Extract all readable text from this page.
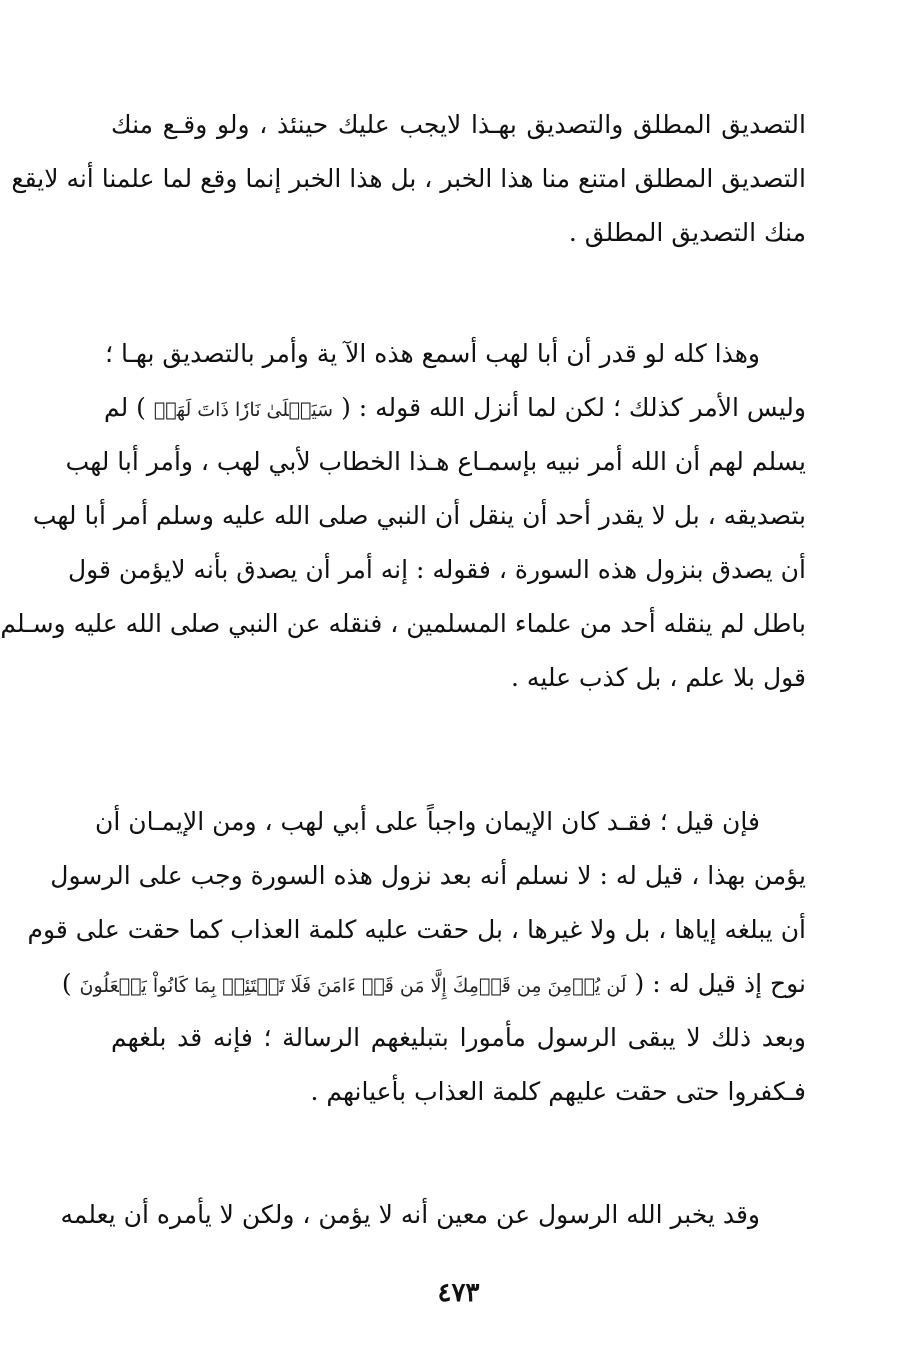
التصديق المطلق والتصديق بهـذا لايجب عليك حينئذ ، ولو وقـع منك
التصديق المطلق امتنع منا هذا الخبر ، بل هذا الخبر إنما وقع لما علمنا أنه لايقع
منك التصديق المطلق .
وهذا كله لو قدر أن أبا لهب أسمع هذه الآ ية وأمر بالتصديق بهـا ؛
وليس الأمر كذلك ؛ لكن لما أنزل الله قوله : ( سَيَصۡلَىٰ نَارٗا ذَاتَ لَهَبٖ ) لم
يسلم لهم أن الله أمر نبيه بإسمـاع هـذا الخطاب لأبي لهب ، وأمر أبا لهب
بتصديقه ، بل لا يقدر أحد أن ينقل أن النبي صلى الله عليه وسلم أمر أبا لهب
أن يصدق بنزول هذه السورة ، فقوله : إنه أمر أن يصدق بأنه لايؤمن قول
باطل لم ينقله أحد من علماء المسلمين ، فنقله عن النبي صلى الله عليه وسـلم
قول بلا علم ، بل كذب عليه .
فإن قيل ؛ فقـد كان الإيمان واجباً على أبي لهب ، ومن الإيمـان أن
يؤمن بهذا ، قيل له : لا نسلم أنه بعد نزول هذه السورة وجب على الرسول
أن يبلغه إياها ، بل ولا غيرها ، بل حقت عليه كلمة العذاب كما حقت على قوم
نوح إذ قيل له : ( لَن يُؤۡمِنَ مِن قَوۡمِكَ إِلَّا مَن قَدۡ ءَامَنَ فَلَا تَبۡتَئِسۡ بِمَا كَانُواْ يَفۡعَلُونَ )
وبعد ذلك لا يبقى الرسول مأمورا بتبليغهم الرسالة ؛ فإنه قد بلغهم
فـكفروا حتى حقت عليهم كلمة العذاب بأعيانهم .
وقد يخبر الله الرسول عن معين أنه لا يؤمن ، ولكن لا يأمره أن يعلمه
٤٧٣
